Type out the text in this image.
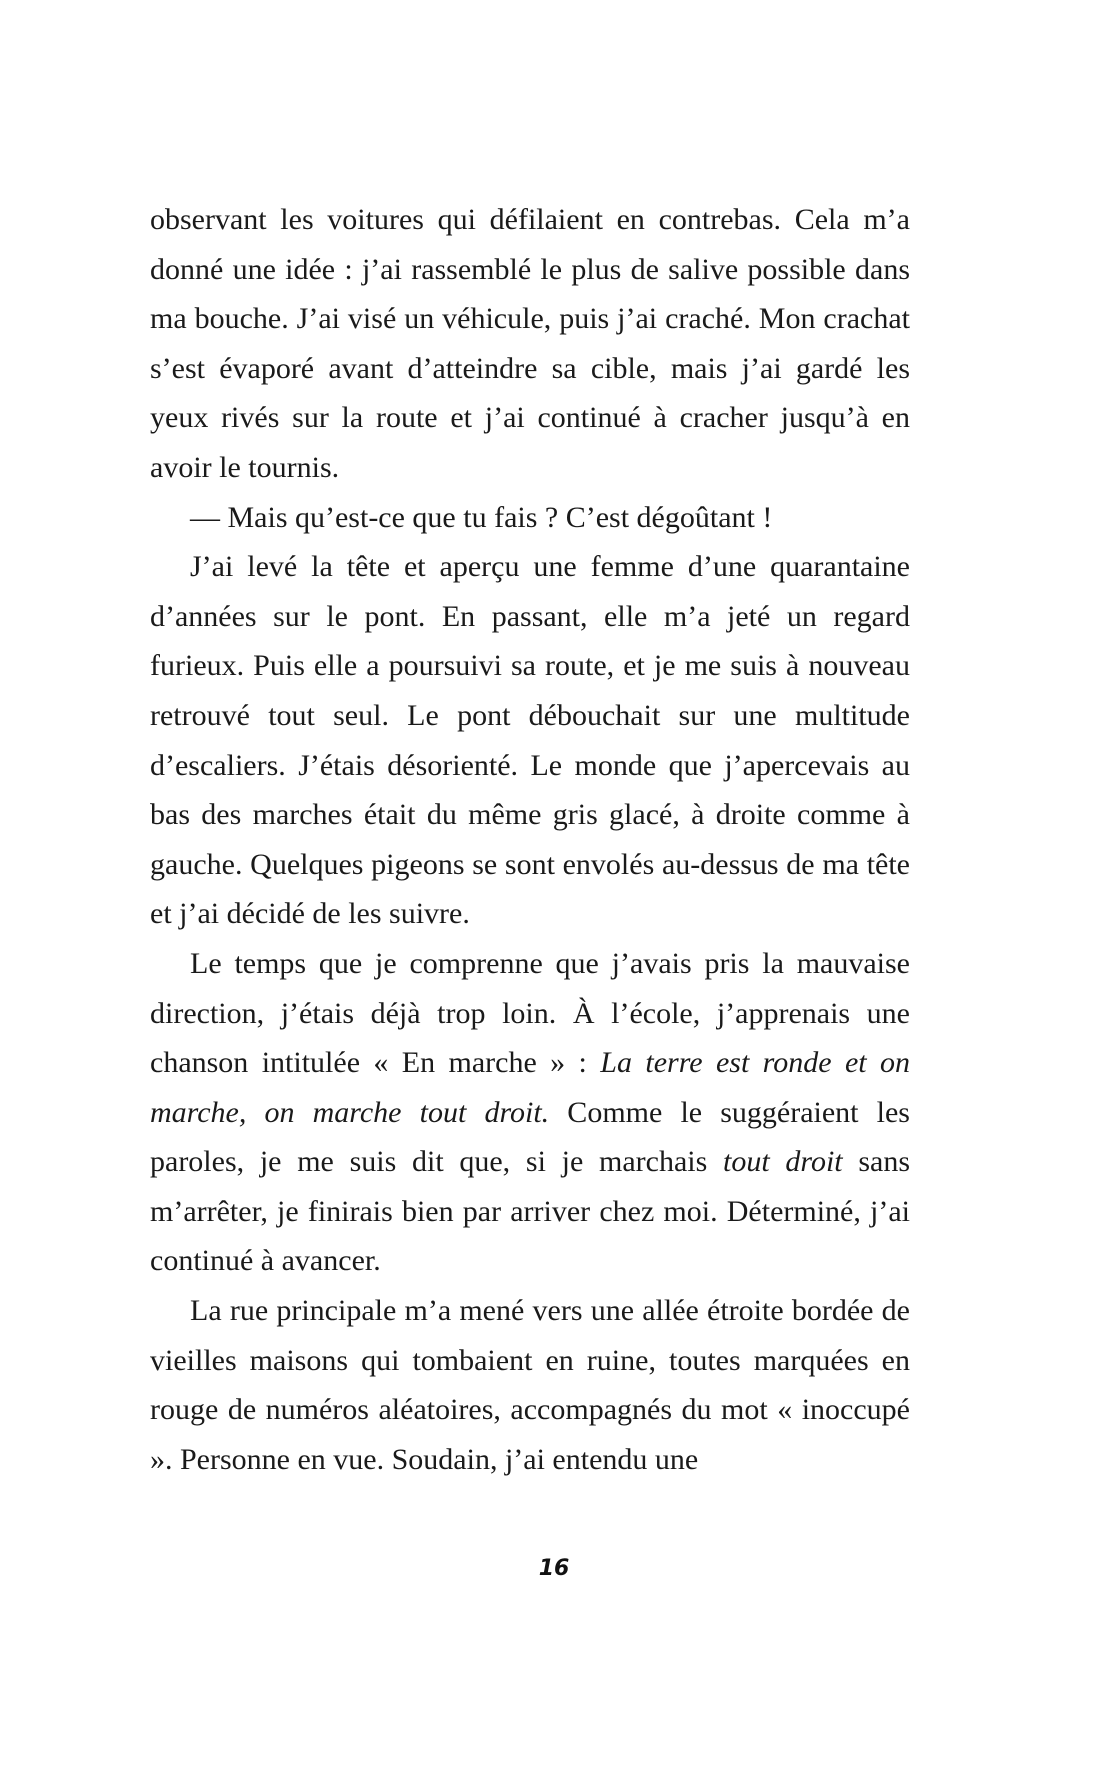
observant les voitures qui défilaient en contrebas. Cela m’a donné une idée : j’ai rassemblé le plus de salive possible dans ma bouche. J’ai visé un véhicule, puis j’ai craché. Mon crachat s’est évaporé avant d’atteindre sa cible, mais j’ai gardé les yeux rivés sur la route et j’ai continué à cracher jusqu’à en avoir le tournis.

— Mais qu’est-ce que tu fais ? C’est dégoûtant !

J’ai levé la tête et aperçu une femme d’une quarantaine d’années sur le pont. En passant, elle m’a jeté un regard furieux. Puis elle a poursuivi sa route, et je me suis à nouveau retrouvé tout seul. Le pont débouchait sur une multitude d’escaliers. J’étais désorienté. Le monde que j’apercevais au bas des marches était du même gris glacé, à droite comme à gauche. Quelques pigeons se sont envolés au-dessus de ma tête et j’ai décidé de les suivre.

Le temps que je comprenne que j’avais pris la mauvaise direction, j’étais déjà trop loin. À l’école, j’apprenais une chanson intitulée « En marche » : La terre est ronde et on marche, on marche tout droit. Comme le suggéraient les paroles, je me suis dit que, si je marchais tout droit sans m’arrêter, je finirais bien par arriver chez moi. Déterminé, j’ai continué à avancer.

La rue principale m’a mené vers une allée étroite bordée de vieilles maisons qui tombaient en ruine, toutes marquées en rouge de numéros aléatoires, accompagnés du mot « inoccupé ». Personne en vue. Soudain, j’ai entendu une

16
